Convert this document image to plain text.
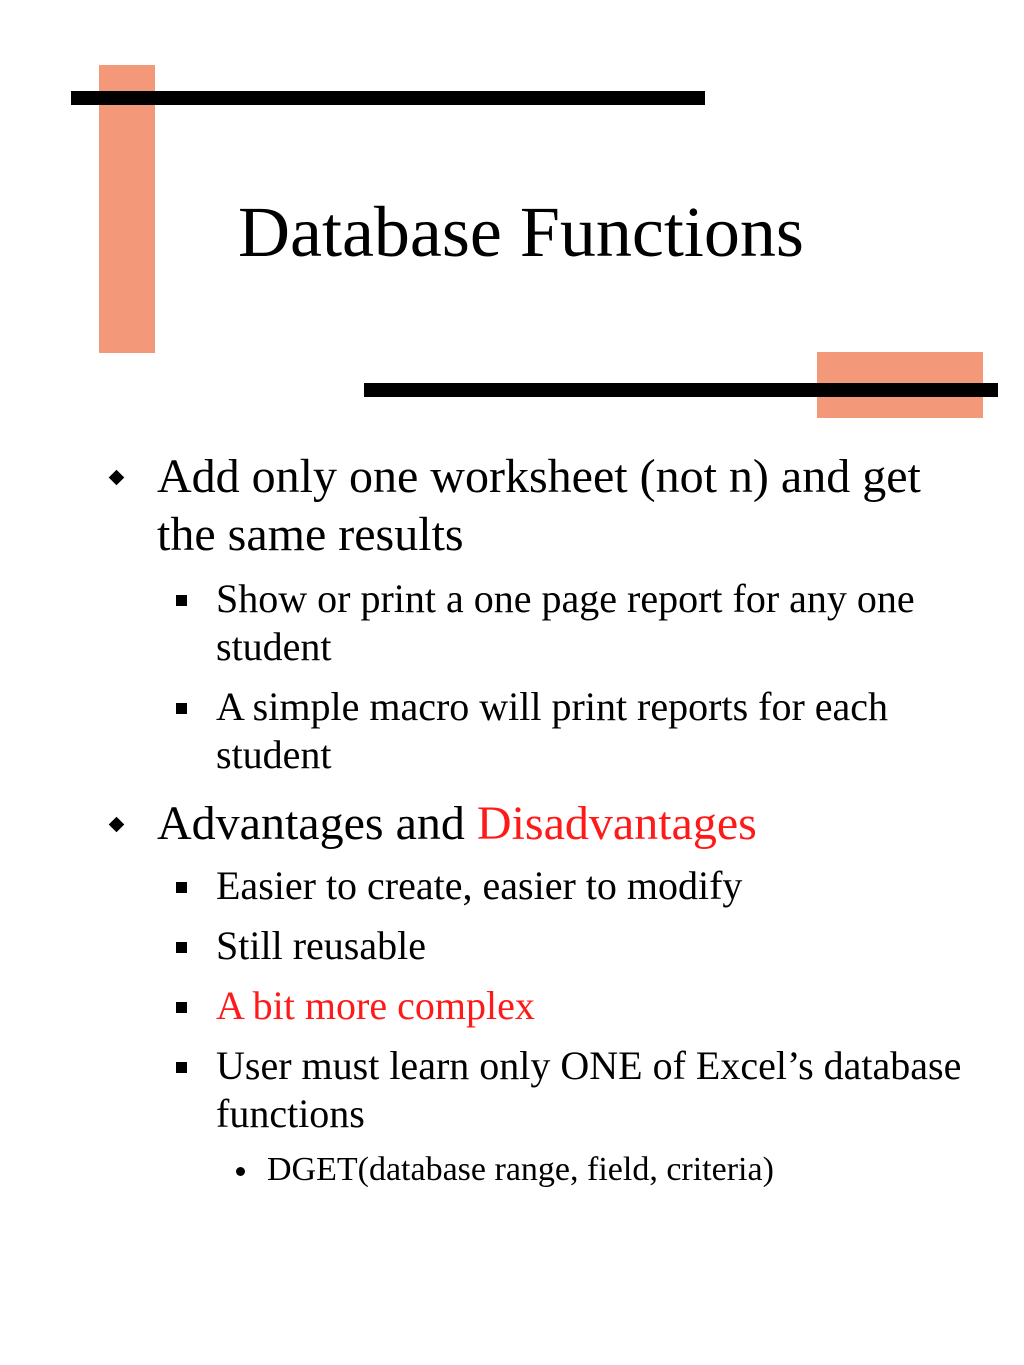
Database Functions
Add only one worksheet (not n) and get the same results
Show or print a one page report for any one student
A simple macro will print reports for each student
Advantages and Disadvantages
Easier to create, easier to modify
Still reusable
A bit more complex
User must learn only ONE of Excel’s database functions
DGET(database range, field, criteria)
